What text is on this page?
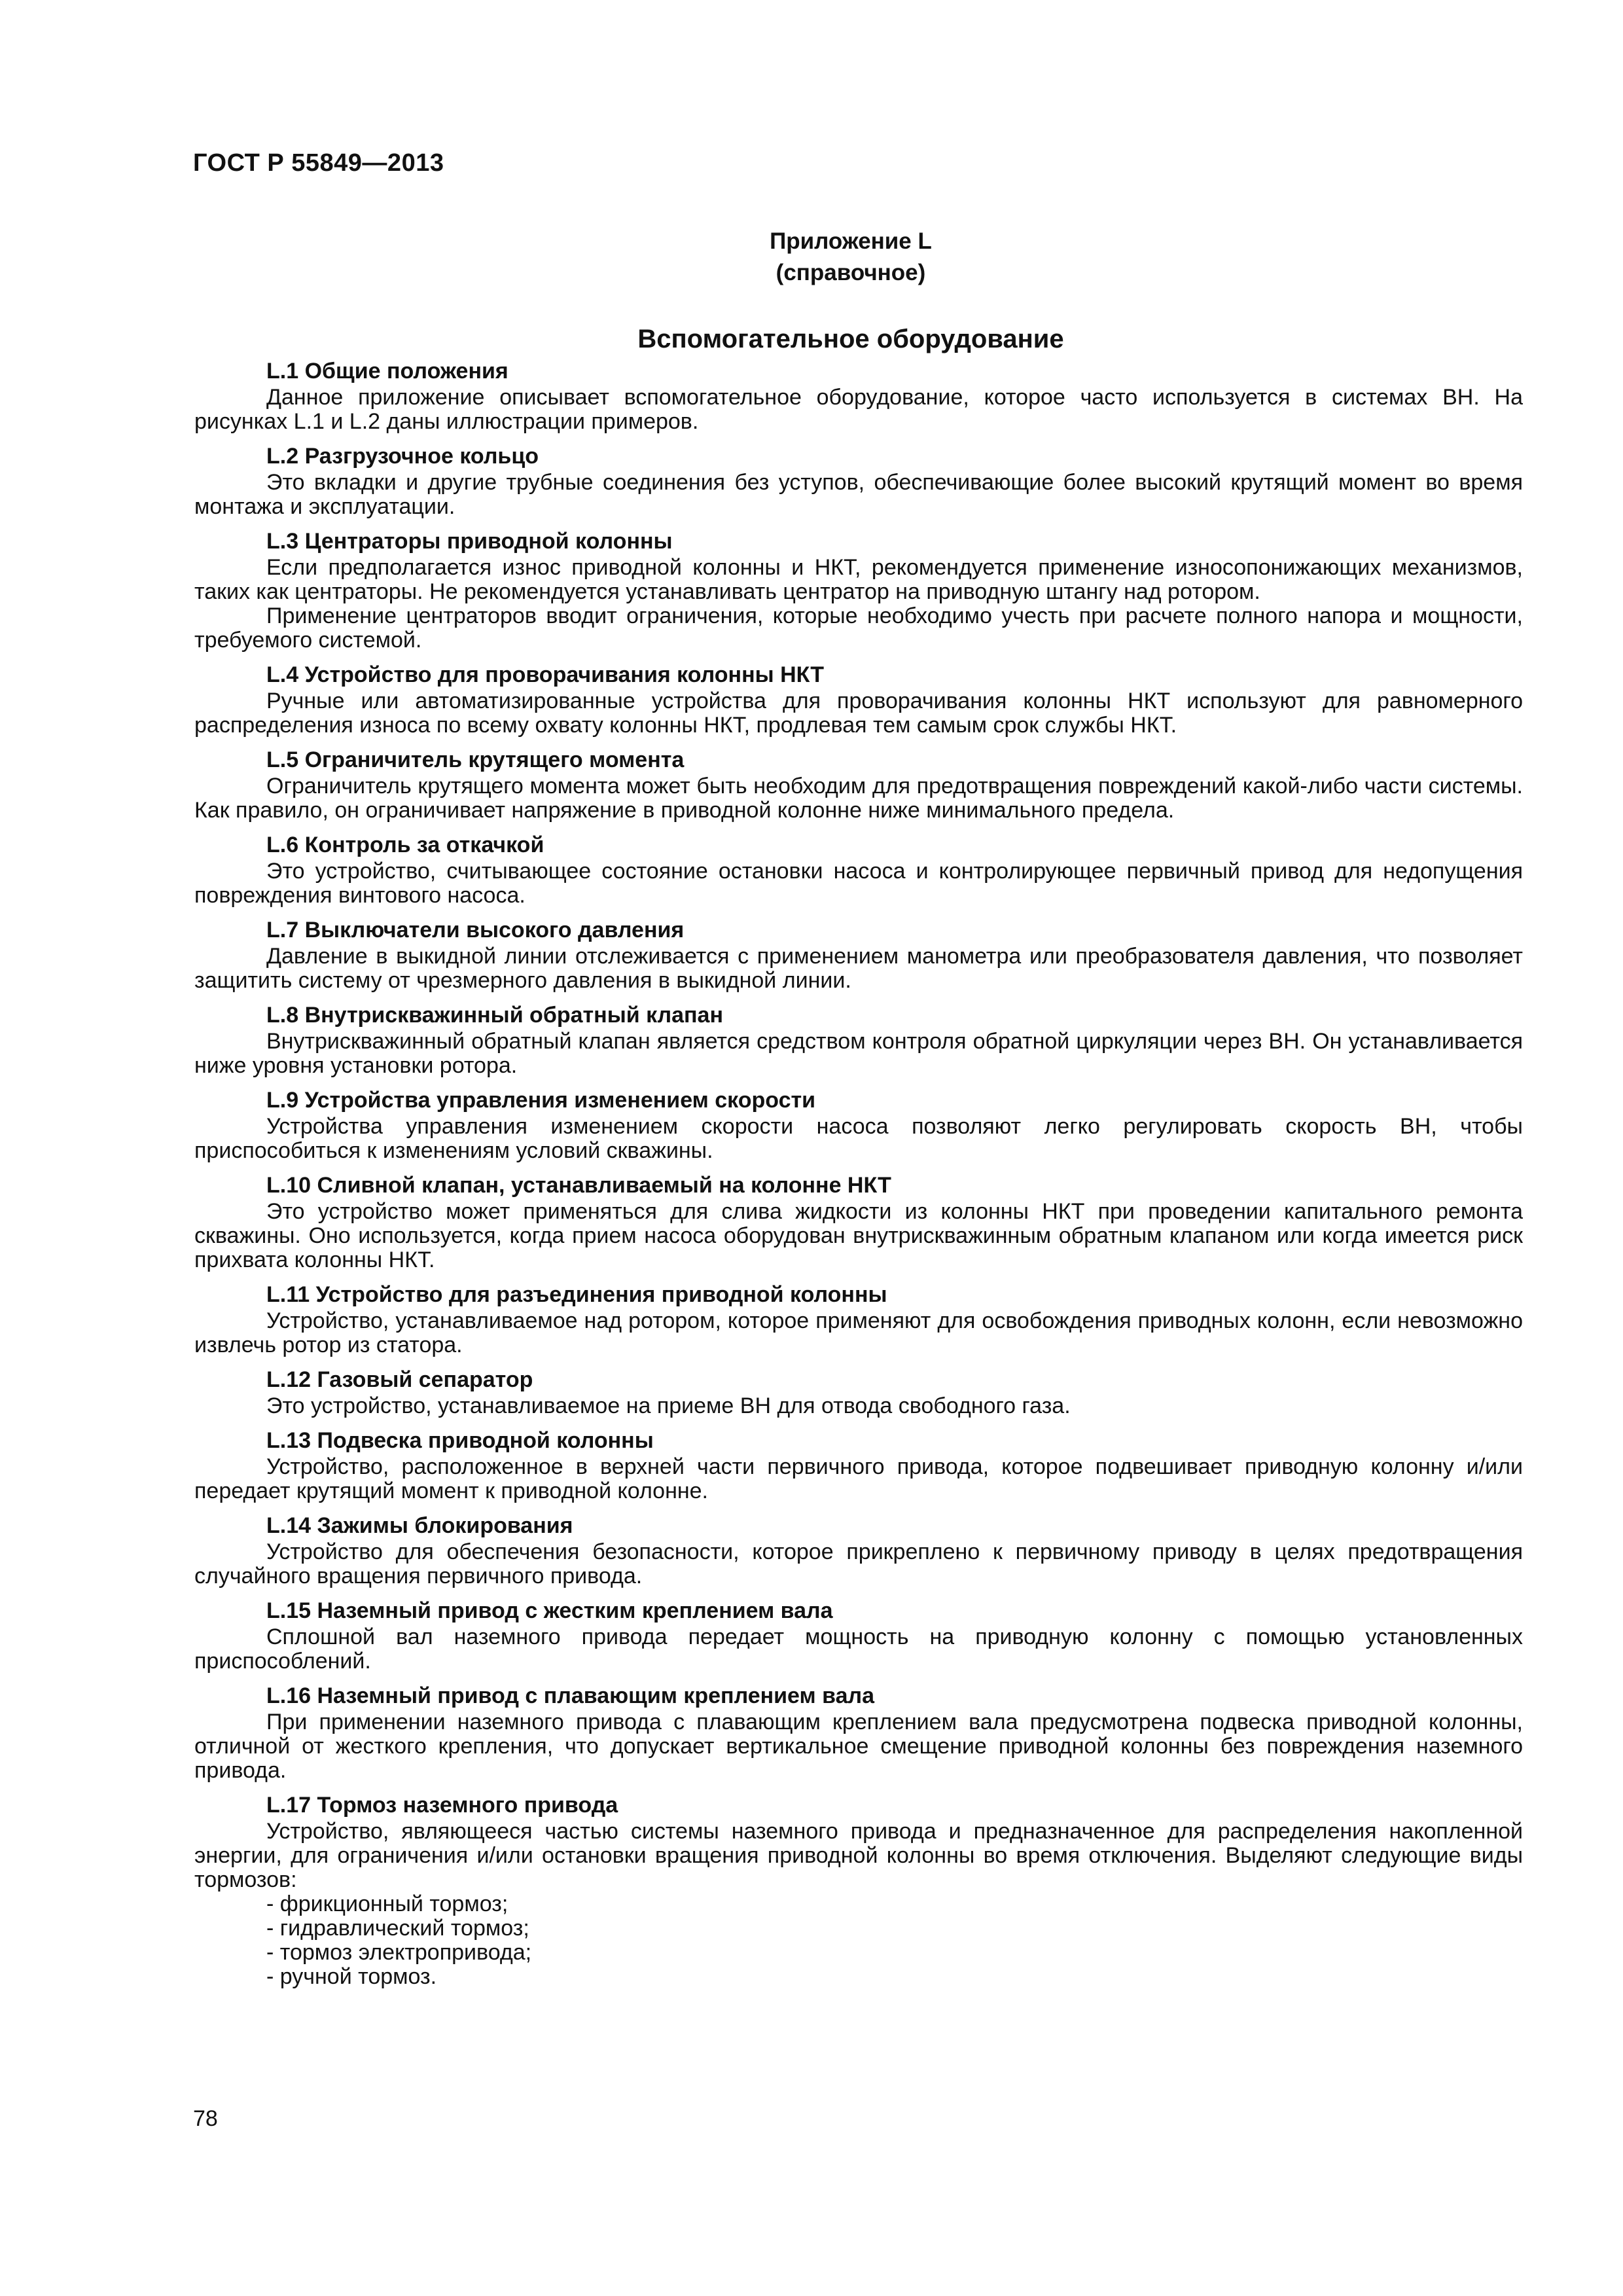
ГОСТ Р 55849—2013
Приложение L
(справочное)
Вспомогательное оборудование

L.1 Общие положения

Данное приложение описывает вспомогательное оборудование, которое часто используется в системах ВН. На рисунках L.1 и L.2 даны иллюстрации примеров.

L.2 Разгрузочное кольцо

Это вкладки и другие трубные соединения без уступов, обеспечивающие более высокий крутящий момент во время монтажа и эксплуатации.

L.3 Центраторы приводной колонны

Если предполагается износ приводной колонны и НКТ, рекомендуется применение износопонижающих механизмов, таких как центраторы. Не рекомендуется устанавливать центратор на приводную штангу над ротором.

Применение центраторов вводит ограничения, которые необходимо учесть при расчете полного напора и мощности, требуемого системой.

L.4 Устройство для проворачивания колонны НКТ

Ручные или автоматизированные устройства для проворачивания колонны НКТ используют для равномерного распределения износа по всему охвату колонны НКТ, продлевая тем самым срок службы НКТ.

L.5 Ограничитель крутящего момента

Ограничитель крутящего момента может быть необходим для предотвращения повреждений какой-либо части системы. Как правило, он ограничивает напряжение в приводной колонне ниже минимального предела.

L.6 Контроль за откачкой

Это устройство, считывающее состояние остановки насоса и контролирующее первичный привод для недопущения повреждения винтового насоса.

L.7 Выключатели высокого давления

Давление в выкидной линии отслеживается с применением манометра или преобразователя давления, что позволяет защитить систему от чрезмерного давления в выкидной линии.

L.8 Внутрискважинный обратный клапан

Внутрискважинный обратный клапан является средством контроля обратной циркуляции через ВН. Он устанавливается ниже уровня установки ротора.

L.9 Устройства управления изменением скорости

Устройства управления изменением скорости насоса позволяют легко регулировать скорость ВН, чтобы приспособиться к изменениям условий скважины.

L.10 Сливной клапан, устанавливаемый на колонне НКТ

Это устройство может применяться для слива жидкости из колонны НКТ при проведении капитального ремонта скважины. Оно используется, когда прием насоса оборудован внутрискважинным обратным клапаном или когда имеется риск прихвата колонны НКТ.

L.11 Устройство для разъединения приводной колонны

Устройство, устанавливаемое над ротором, которое применяют для освобождения приводных колонн, если невозможно извлечь ротор из статора.

L.12 Газовый сепаратор

Это устройство, устанавливаемое на приеме ВН для отвода свободного газа.

L.13 Подвеска приводной колонны

Устройство, расположенное в верхней части первичного привода, которое подвешивает приводную колонну и/или передает крутящий момент к приводной колонне.

L.14 Зажимы блокирования

Устройство для обеспечения безопасности, которое прикреплено к первичному приводу в целях предотвращения случайного вращения первичного привода.

L.15 Наземный привод с жестким креплением вала

Сплошной вал наземного привода передает мощность на приводную колонну с помощью установленных приспособлений.

L.16 Наземный привод с плавающим креплением вала

При применении наземного привода с плавающим креплением вала предусмотрена подвеска приводной колонны, отличной от жесткого крепления, что допускает вертикальное смещение приводной колонны без повреждения наземного привода.

L.17 Тормоз наземного привода

Устройство, являющееся частью системы наземного привода и предназначенное для распределения накопленной энергии, для ограничения и/или остановки вращения приводной колонны во время отключения. Выделяют следующие виды тормозов:

- фрикционный тормоз;
- гидравлический тормоз;
- тормоз электропривода;
- ручной тормоз.
78
